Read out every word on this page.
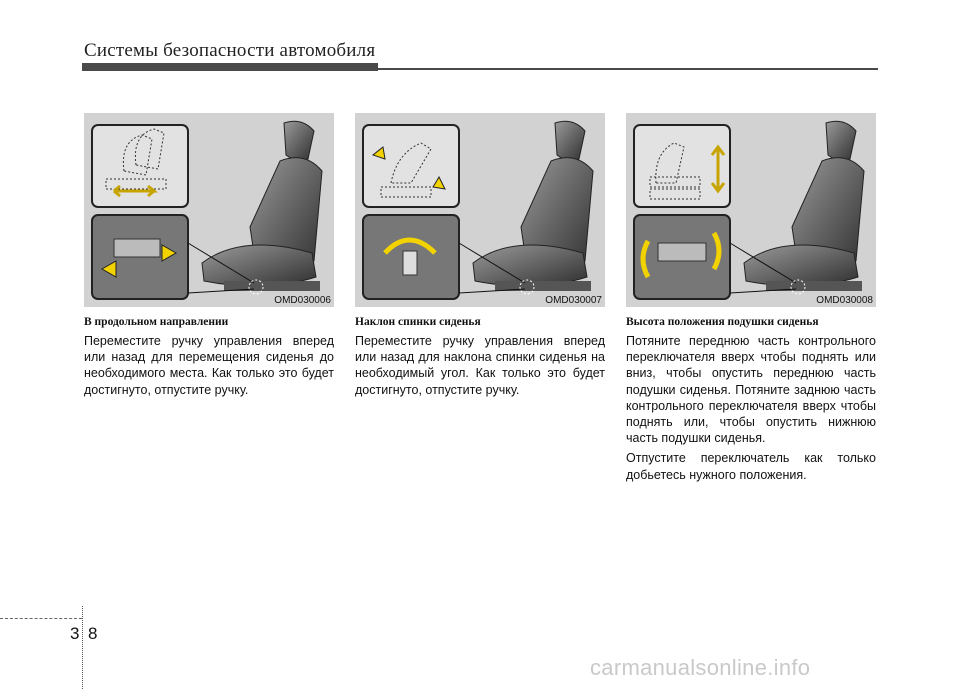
Системы безопасности автомобиля
OMD030006	OMD030007	OMD030008
В продольном направлении

Переместите ручку управления вперед или назад для перемещения сиденья до необходимого места. Как только это будет достигнуто, отпустите ручку.

Наклон спинки сиденья

Переместите ручку управления вперед или назад для наклона спинки сиденья на необходимый угол. Как только это будет достигнуто, отпустите ручку.

Высота положения подушки сиденья

Потяните переднюю часть контрольного переключателя вверх чтобы поднять или вниз, чтобы опустить переднюю часть подушки сиденья. Потяните заднюю часть контрольного переключателя вверх чтобы поднять или, чтобы опустить нижнюю часть подушки сиденья.

Отпустите переключатель как только добьетесь нужного положения.

3 8
carmanualsonline.info
